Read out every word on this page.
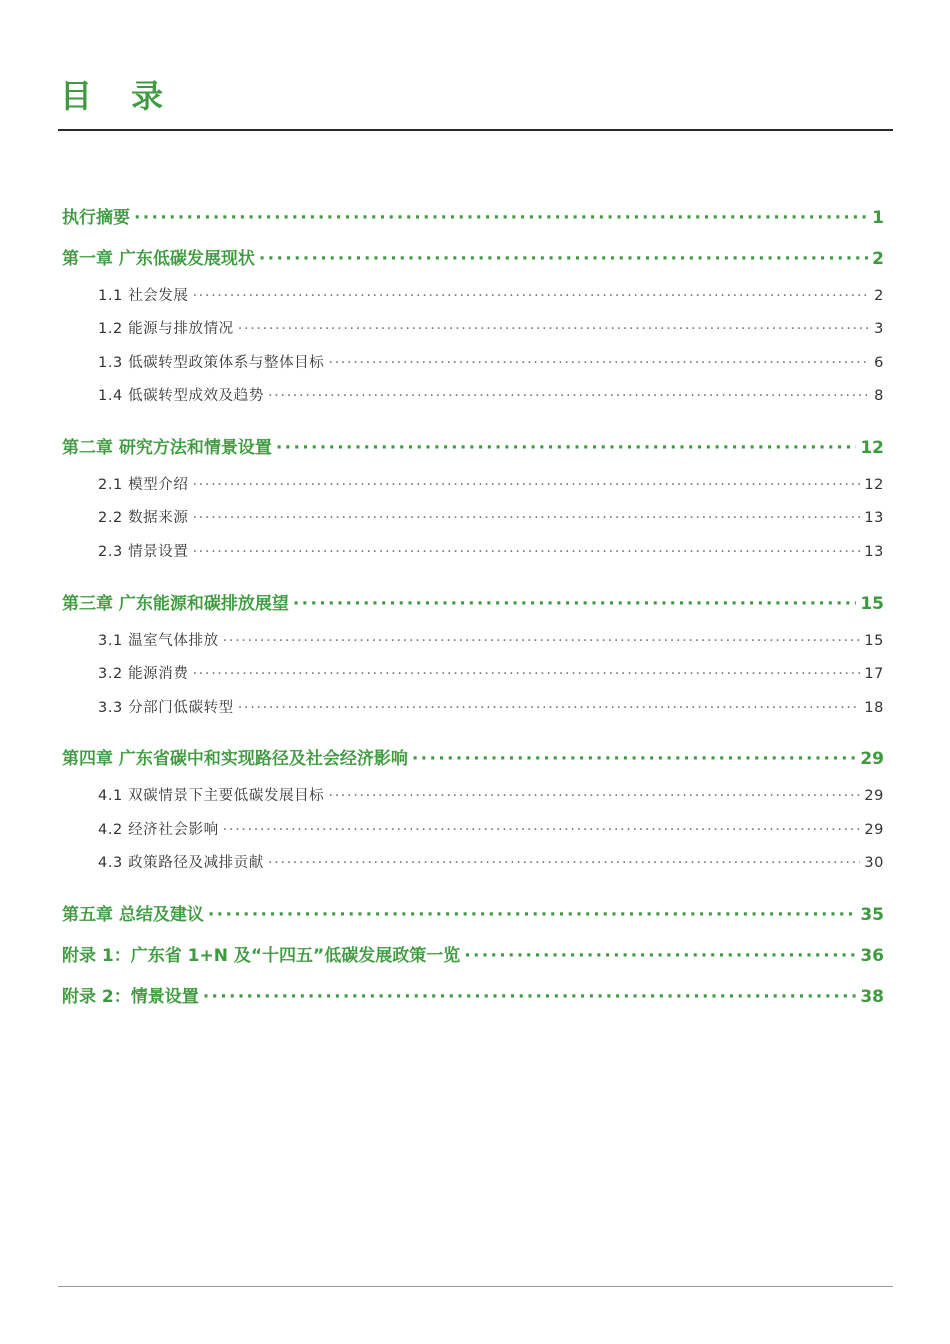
目 录
执行摘要 ·····	1
第一章 广东低碳发展现状 ·····	2
1.1 社会发展 ·····	2
1.2 能源与排放情况 ·····	3
1.3 低碳转型政策体系与整体目标 ·····	6
1.4 低碳转型成效及趋势 ·····	8
第二章 研究方法和情景设置 ·····	12
2.1 模型介绍 ·····	12
2.2 数据来源 ·····	13
2.3 情景设置 ·····	13
第三章 广东能源和碳排放展望 ·····	15
3.1 温室气体排放 ·····	15
3.2 能源消费 ·····	17
3.3 分部门低碳转型 ·····	18
第四章 广东省碳中和实现路径及社会经济影响 ·····	29
4.1 双碳情景下主要低碳发展目标 ·····	29
4.2 经济社会影响 ·····	29
4.3 政策路径及减排贡献 ·····	30
第五章 总结及建议 ·····	35
附录 1：广东省 1+N 及“十四五”低碳发展政策一览 ·····	36
附录 2：情景设置 ·····	38
